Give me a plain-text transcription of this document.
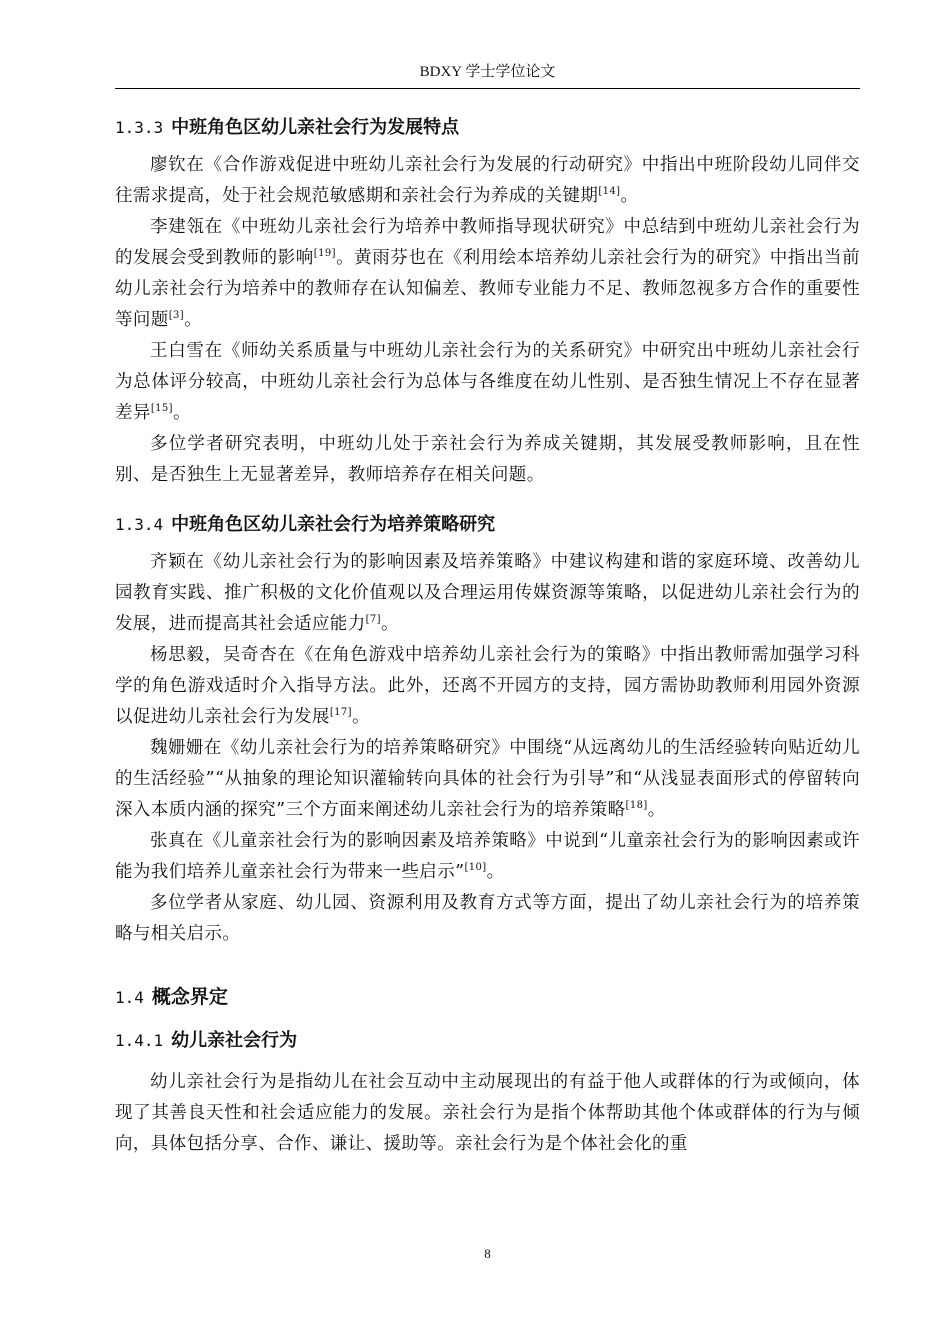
BDXY 学士学位论文
1.3.3 中班角色区幼儿亲社会行为发展特点

廖钦在《合作游戏促进中班幼儿亲社会行为发展的行动研究》中指出中班阶段幼儿同伴交往需求提高，处于社会规范敏感期和亲社会行为养成的关键期[14]。

李建瓴在《中班幼儿亲社会行为培养中教师指导现状研究》中总结到中班幼儿亲社会行为的发展会受到教师的影响[19]。黄雨芬也在《利用绘本培养幼儿亲社会行为的研究》中指出当前幼儿亲社会行为培养中的教师存在认知偏差、教师专业能力不足、教师忽视多方合作的重要性等问题[3]。

王白雪在《师幼关系质量与中班幼儿亲社会行为的关系研究》中研究出中班幼儿亲社会行为总体评分较高，中班幼儿亲社会行为总体与各维度在幼儿性别、是否独生情况上不存在显著差异[15]。

多位学者研究表明，中班幼儿处于亲社会行为养成关键期，其发展受教师影响，且在性别、是否独生上无显著差异，教师培养存在相关问题。

1.3.4 中班角色区幼儿亲社会行为培养策略研究

齐颖在《幼儿亲社会行为的影响因素及培养策略》中建议构建和谐的家庭环境、改善幼儿园教育实践、推广积极的文化价值观以及合理运用传媒资源等策略，以促进幼儿亲社会行为的发展，进而提高其社会适应能力[7]。

杨思毅，吴奇杏在《在角色游戏中培养幼儿亲社会行为的策略》中指出教师需加强学习科学的角色游戏适时介入指导方法。此外，还离不开园方的支持，园方需协助教师利用园外资源以促进幼儿亲社会行为发展[17]。

魏姗姗在《幼儿亲社会行为的培养策略研究》中围绕“从远离幼儿的生活经验转向贴近幼儿的生活经验”“从抽象的理论知识灌输转向具体的社会行为引导”和“从浅显表面形式的停留转向深入本质内涵的探究”三个方面来阐述幼儿亲社会行为的培养策略[18]。

张真在《儿童亲社会行为的影响因素及培养策略》中说到“儿童亲社会行为的影响因素或许能为我们培养儿童亲社会行为带来一些启示”[10]。

多位学者从家庭、幼儿园、资源利用及教育方式等方面，提出了幼儿亲社会行为的培养策略与相关启示。

1.4 概念界定
1.4.1 幼儿亲社会行为

幼儿亲社会行为是指幼儿在社会互动中主动展现出的有益于他人或群体的行为或倾向，体现了其善良天性和社会适应能力的发展。亲社会行为是指个体帮助其他个体或群体的行为与倾向，具体包括分享、合作、谦让、援助等。亲社会行为是个体社会化的重

8
